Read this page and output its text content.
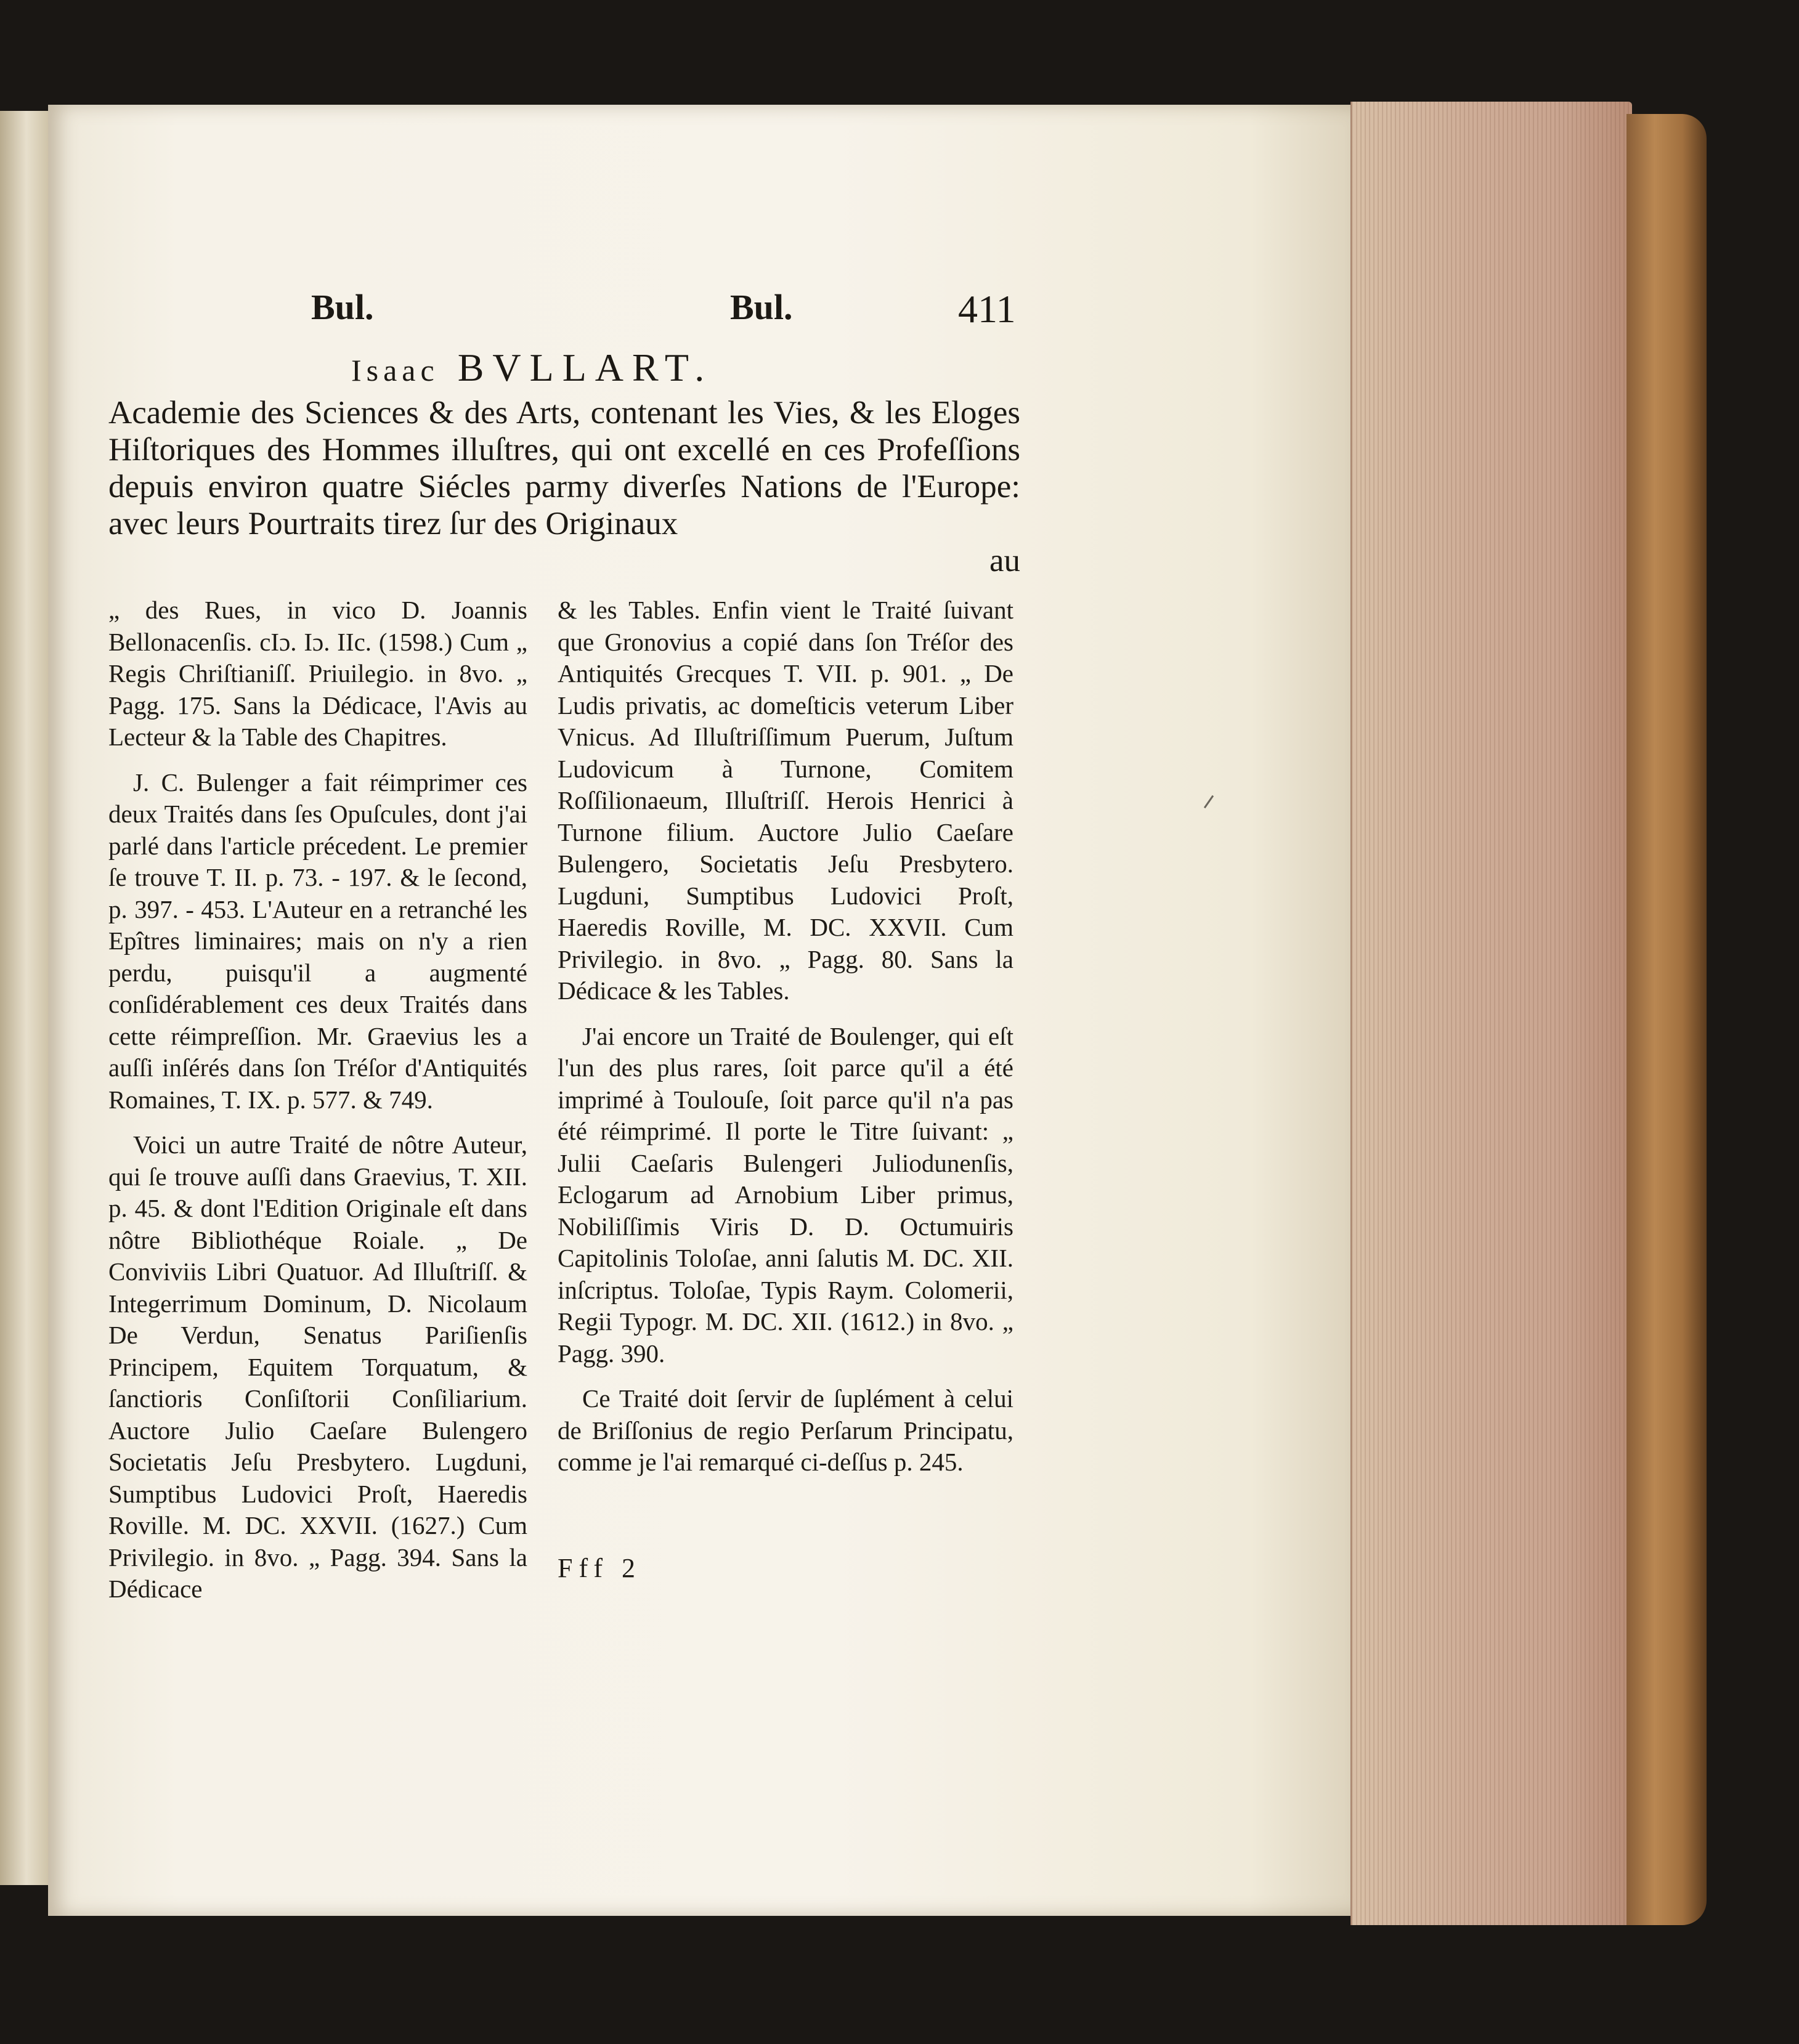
Bul.	Bul.	411
Isaac BVLLART.
Academie des Sciences & des Arts, contenant les Vies, & les Eloges Hiſtoriques des Hommes illuſtres, qui ont excellé en ces Profeſſions depuis environ quatre Siécles parmy diverſes Nations de l'Europe: avec leurs Pourtraits tirez ſur des Originaux
au

„ des Rues, in vico D. Joannis Bellonacenſis. cIɔ. Iɔ. IIc. (1598.) Cum „ Regis Chriſtianiſſ. Priuilegio. in 8vo. „ Pagg. 175. Sans la Dédicace, l'Avis au Lecteur & la Table des Chapitres.

J. C. Bulenger a fait réimprimer ces deux Traités dans ſes Opuſcules, dont j'ai parlé dans l'article précedent. Le premier ſe trouve T. II. p. 73. - 197. & le ſecond, p. 397. - 453. L'Auteur en a retranché les Epîtres liminaires; mais on n'y a rien perdu, puisqu'il a augmenté conſidérablement ces deux Traités dans cette réimpreſſion. Mr. Graevius les a auſſi inſérés dans ſon Tréſor d'Antiquités Romaines, T. IX. p. 577. & 749.

Voici un autre Traité de nôtre Auteur, qui ſe trouve auſſi dans Graevius, T. XII. p. 45. & dont l'Edition Originale eſt dans nôtre Bibliothéque Roiale. „ De Conviviis Libri Quatuor. Ad Illuſtriſſ. & Integerrimum Dominum, D. Nicolaum De Verdun, Senatus Pariſienſis Principem, Equitem Torquatum, & ſanctioris Conſiſtorii Conſiliarium. Auctore Julio Caeſare Bulengero Societatis Jeſu Presbytero. Lugduni, Sumptibus Ludovici Proſt, Haeredis Roville. M. DC. XXVII. (1627.) Cum Privilegio. in 8vo. „ Pagg. 394. Sans la Dédicace

& les Tables. Enfin vient le Traité ſuivant que Gronovius a copié dans ſon Tréſor des Antiquités Grecques T. VII. p. 901. „ De Ludis privatis, ac domeſticis veterum Liber Vnicus. Ad Illuſtriſſimum Puerum, Juſtum Ludovicum à Turnone, Comitem Roſſilionaeum, Illuſtriſſ. Herois Henrici à Turnone filium. Auctore Julio Caeſare Bulengero, Societatis Jeſu Presbytero. Lugduni, Sumptibus Ludovici Proſt, Haeredis Roville, M. DC. XXVII. Cum Privilegio. in 8vo. „ Pagg. 80. Sans la Dédicace & les Tables.

J'ai encore un Traité de Boulenger, qui eſt l'un des plus rares, ſoit parce qu'il a été imprimé à Toulouſe, ſoit parce qu'il n'a pas été réimprimé. Il porte le Titre ſuivant: „ Julii Caeſaris Bulengeri Juliodunenſis, Eclogarum ad Arnobium Liber primus, Nobiliſſimis Viris D. D. Octumuiris Capitolinis Toloſae, anni ſalutis M. DC. XII. inſcriptus. Toloſae, Typis Raym. Colomerii, Regii Typogr. M. DC. XII. (1612.) in 8vo. „ Pagg. 390.

Ce Traité doit ſervir de ſuplément à celui de Briſſonius de regio Perſarum Principatu, comme je l'ai remarqué ci-deſſus p. 245.

Fff 2
